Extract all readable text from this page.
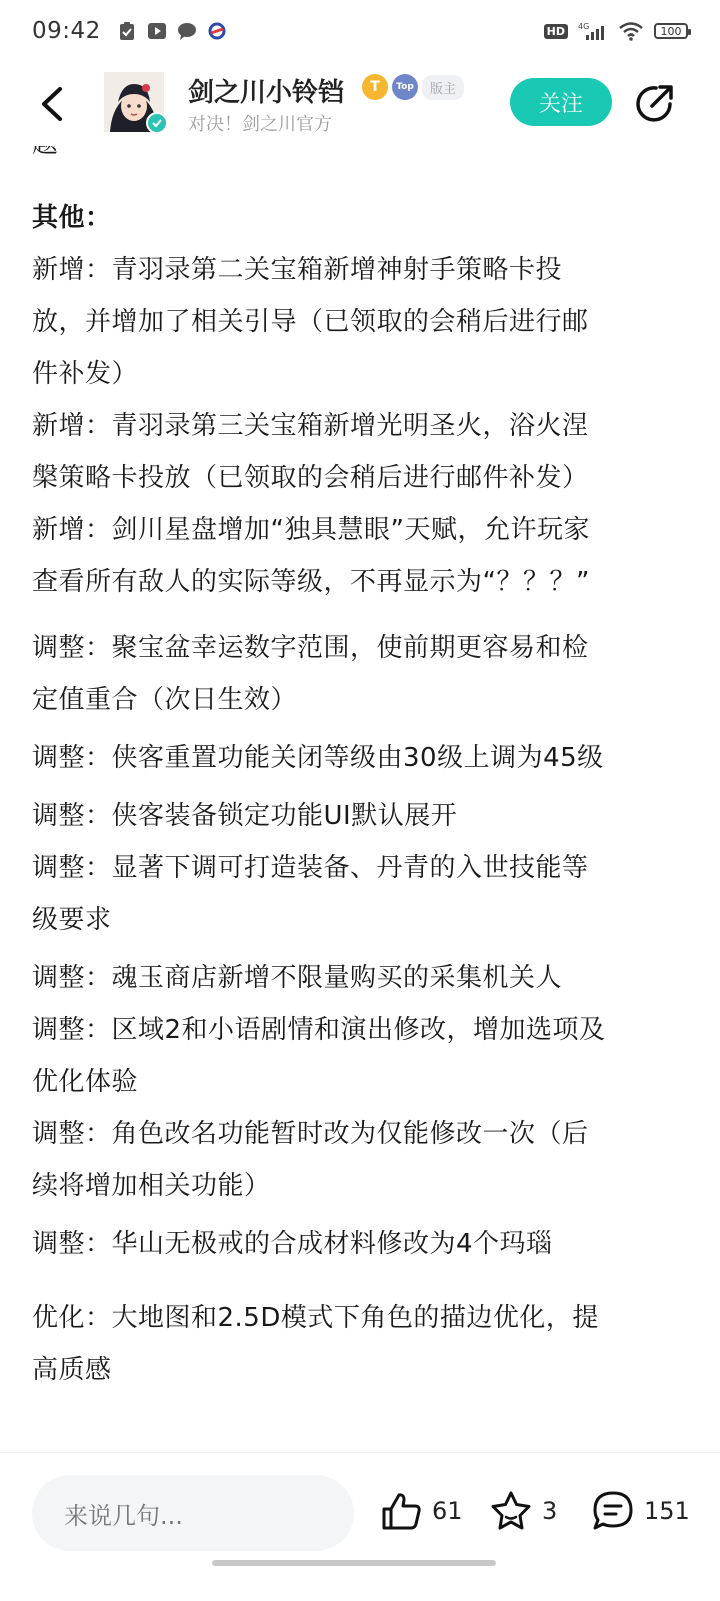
09:42	HD	4G	100
剑之川小铃铛	T	Top	版主
对决！剑之川官方
关注

其他：

新增：青羽录第二关宝箱新增神射手策略卡投

放，并增加了相关引导（已领取的会稍后进行邮

件补发）

新增：青羽录第三关宝箱新增光明圣火，浴火涅

槃策略卡投放（已领取的会稍后进行邮件补发）

新增：剑川星盘增加“独具慧眼”天赋，允许玩家

查看所有敌人的实际等级，不再显示为“？？？”

调整：聚宝盆幸运数字范围，使前期更容易和检

定值重合（次日生效）

调整：侠客重置功能关闭等级由30级上调为45级

调整：侠客装备锁定功能UI默认展开

调整：显著下调可打造装备、丹青的入世技能等

级要求

调整：魂玉商店新增不限量购买的采集机关人

调整：区域2和小语剧情和演出修改，增加选项及

优化体验

调整：角色改名功能暂时改为仅能修改一次（后

续将增加相关功能）

调整：华山无极戒的合成材料修改为4个玛瑙

优化：大地图和2.5D模式下角色的描边优化，提

高质感

来说几句...	61	3	151
